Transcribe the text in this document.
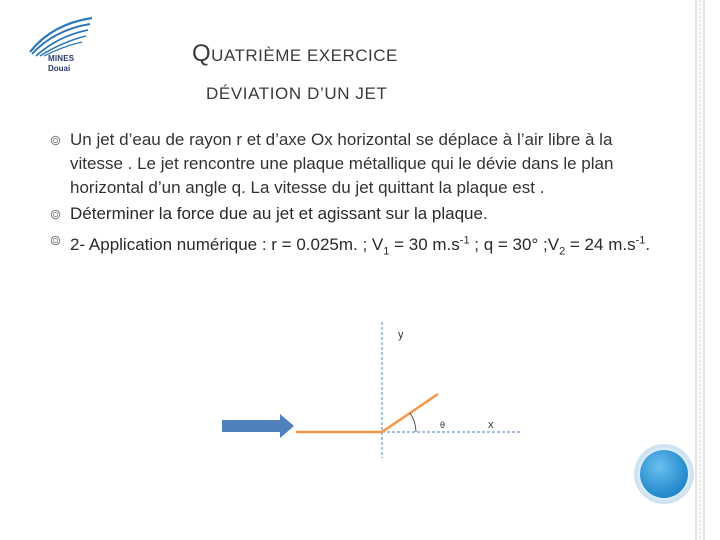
MINES
Douai
QUATRIÈME EXERCICE
DÉVIATION D’UN JET
Un jet d’eau de rayon r et d’axe Ox horizontal se déplace à l’air libre à la vitesse . Le jet rencontre une plaque métallique qui le dévie dans le plan horizontal d’un angle q. La vitesse du jet quittant la plaque est .
Déterminer la force due au jet et agissant sur la plaque.
2- Application numérique : r = 0.025m. ; $V_1 = 30$ $m.s^{-1}$ ; q = 30° $;V_2 = 24$ $m.s^{-1}$.
y
x
θ
